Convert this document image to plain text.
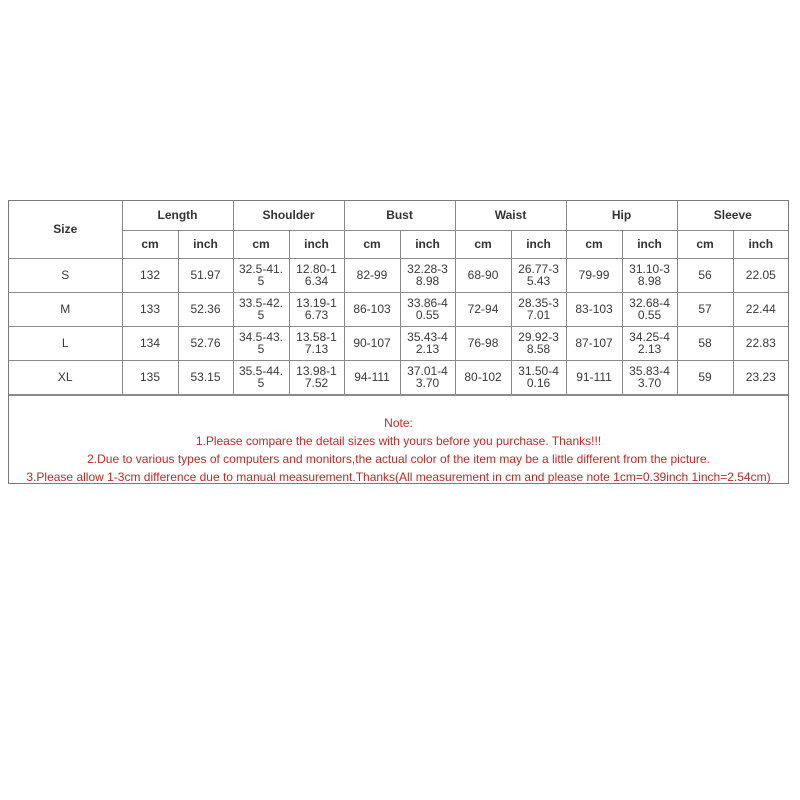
Size	Length		Shoulder		Bust		Waist		Hip		Sleeve	
	cm	inch	cm	inch	cm	inch	cm	inch	cm	inch	cm	inch
S	132	51.97	32.5-41.5	12.80-16.34	82-99	32.28-38.98	68-90	26.77-35.43	79-99	31.10-38.98	56	22.05
M	133	52.36	33.5-42.5	13.19-16.73	86-103	33.86-40.55	72-94	28.35-37.01	83-103	32.68-40.55	57	22.44
L	134	52.76	34.5-43.5	13.58-17.13	90-107	35.43-42.13	76-98	29.92-38.58	87-107	34.25-42.13	58	22.83
XL	135	53.15	35.5-44.5	13.98-17.52	94-111	37.01-43.70	80-102	31.50-40.16	91-111	35.83-43.70	59	23.23
Note:
1.Please compare the detail sizes with yours before you purchase. Thanks!!!
2.Due to various types of computers and monitors,the actual color of the item may be a little different from the picture.
3.Please allow 1-3cm difference due to manual measurement.Thanks(All measurement in cm and please note 1cm=0.39inch 1inch=2.54cm)
